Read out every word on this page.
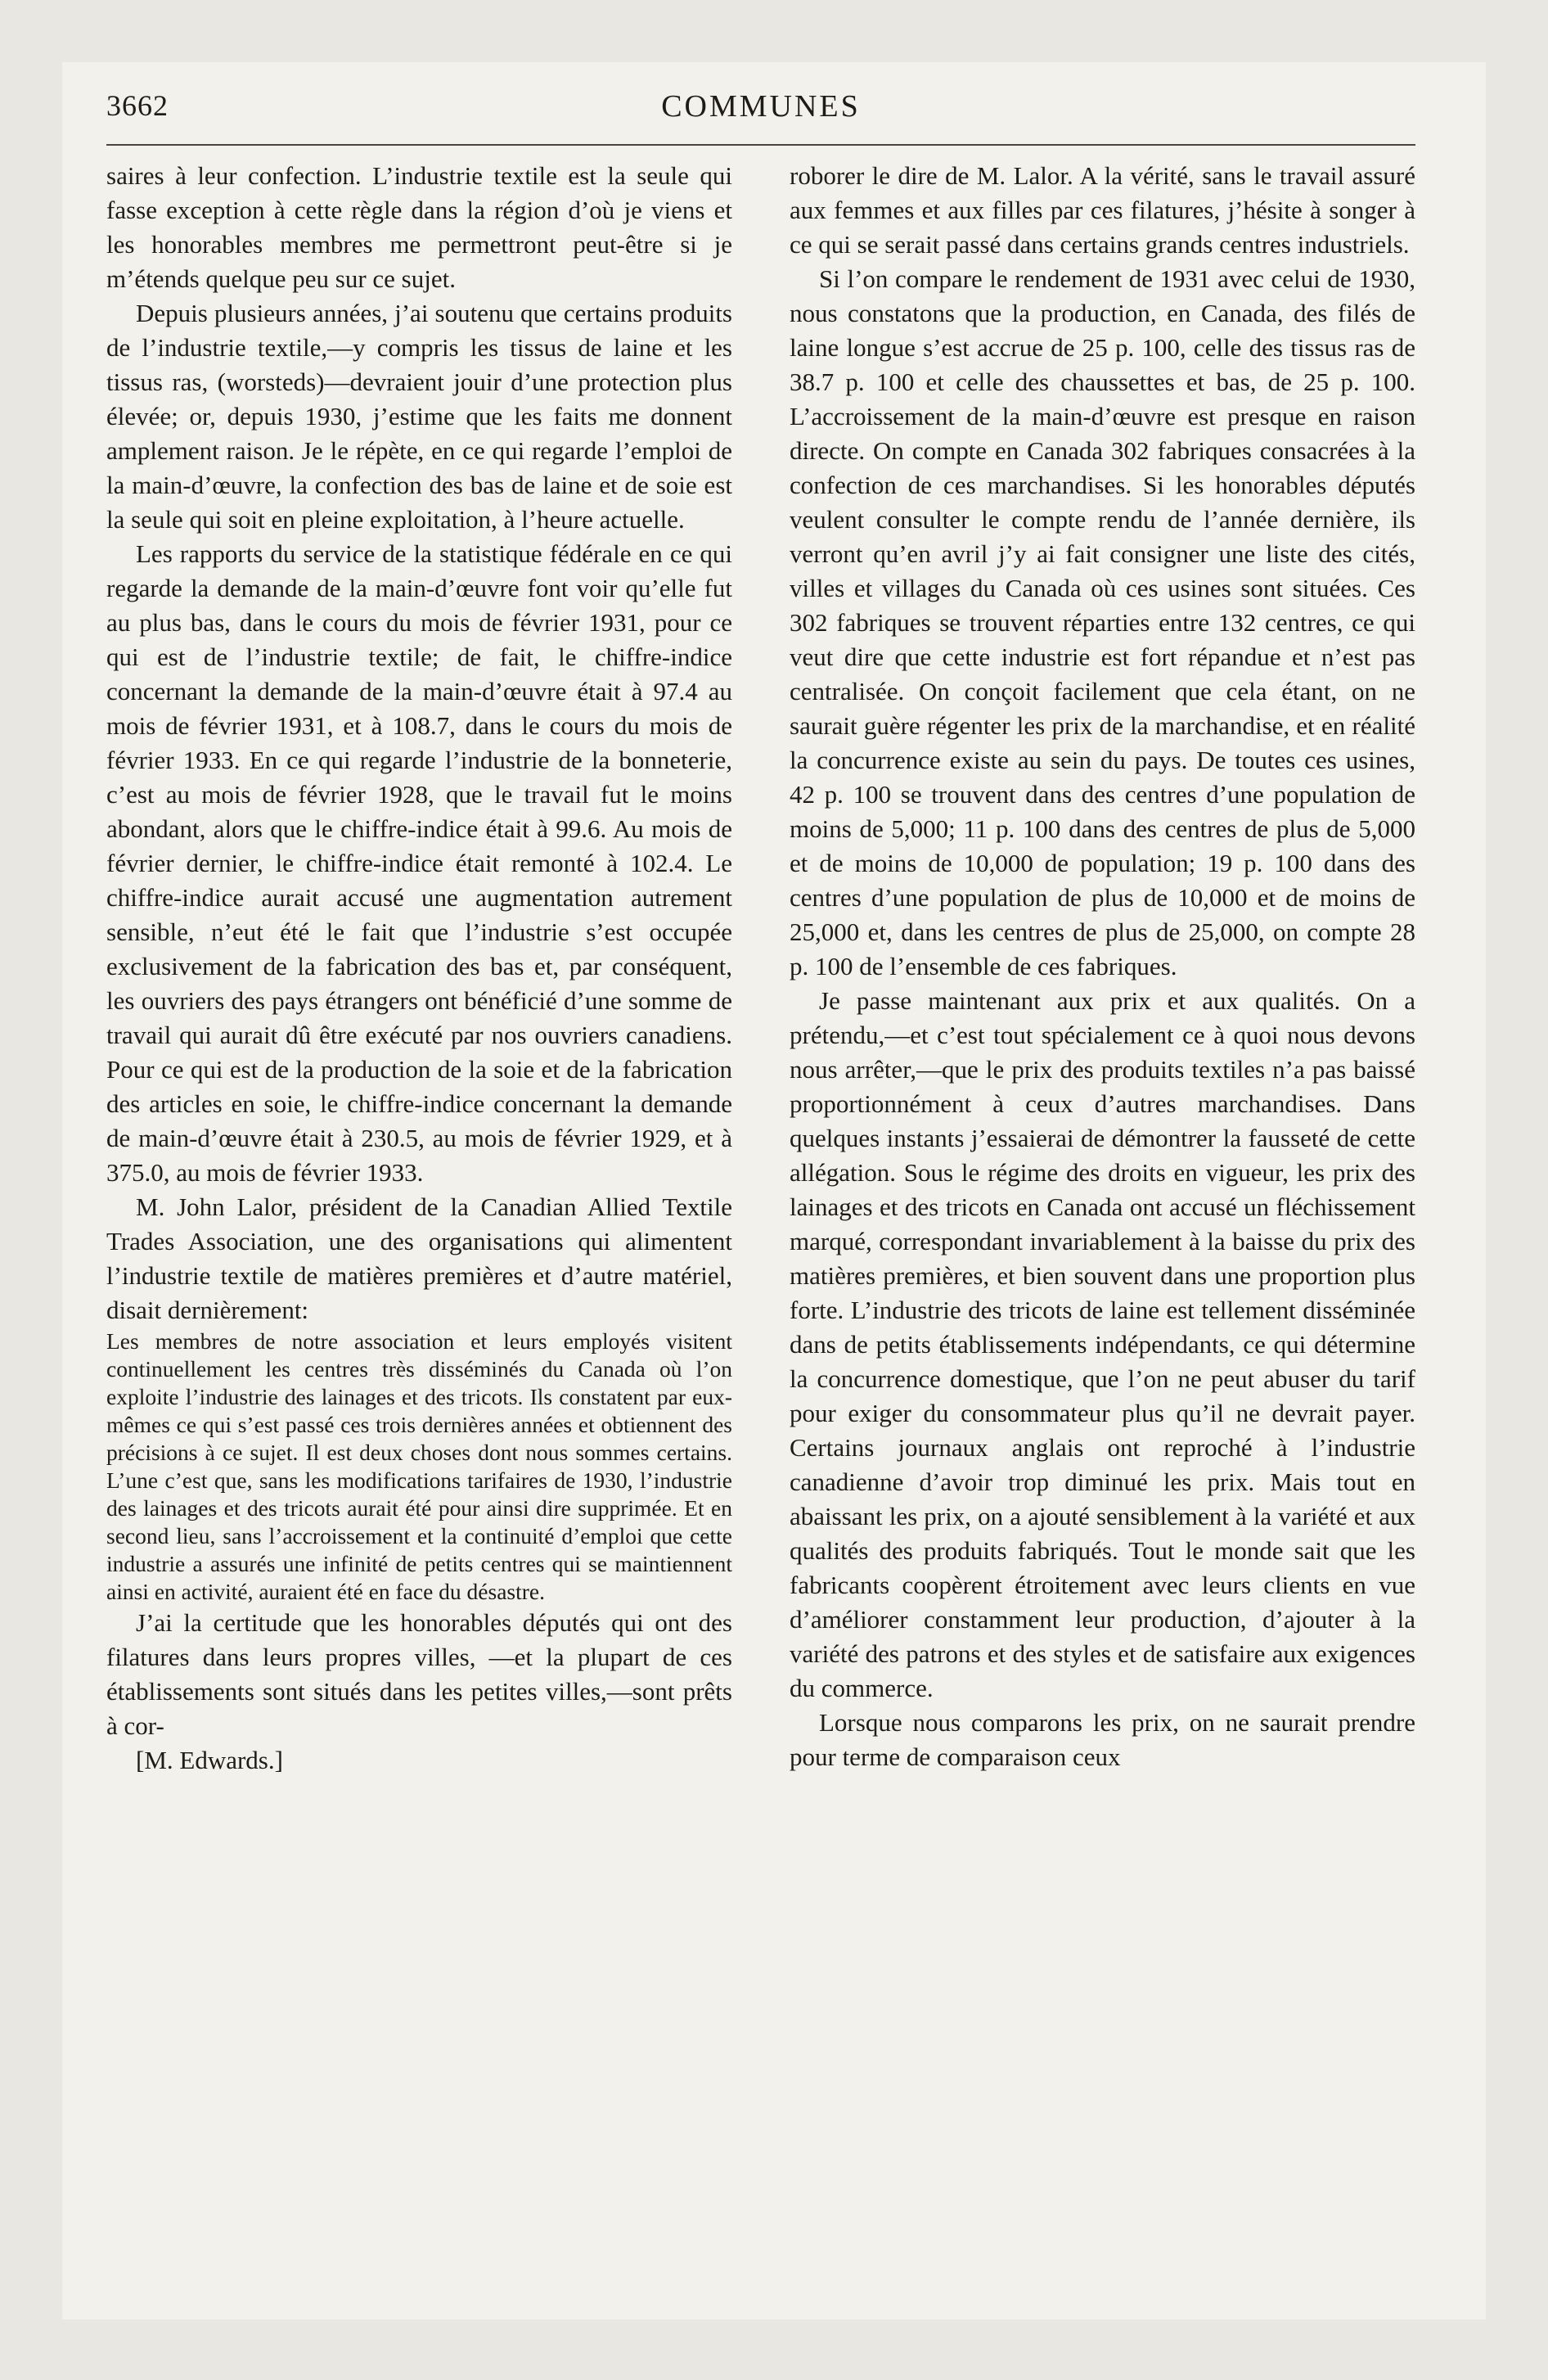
3662	COMMUNES

saires à leur confection. L’industrie textile est la seule qui fasse exception à cette règle dans la région d’où je viens et les honorables membres me permettront peut-être si je m’étends quelque peu sur ce sujet.

Depuis plusieurs années, j’ai soutenu que certains produits de l’industrie textile,—y compris les tissus de laine et les tissus ras, (worsteds)—devraient jouir d’une protection plus élevée; or, depuis 1930, j’estime que les faits me donnent amplement raison. Je le répète, en ce qui regarde l’emploi de la main-d’œuvre, la confection des bas de laine et de soie est la seule qui soit en pleine exploitation, à l’heure actuelle.

Les rapports du service de la statistique fédérale en ce qui regarde la demande de la main-d’œuvre font voir qu’elle fut au plus bas, dans le cours du mois de février 1931, pour ce qui est de l’industrie textile; de fait, le chiffre-indice concernant la demande de la main-d’œuvre était à 97.4 au mois de février 1931, et à 108.7, dans le cours du mois de février 1933. En ce qui regarde l’industrie de la bonneterie, c’est au mois de février 1928, que le travail fut le moins abondant, alors que le chiffre-indice était à 99.6. Au mois de février dernier, le chiffre-indice était remonté à 102.4. Le chiffre-indice aurait accusé une augmentation autrement sensible, n’eut été le fait que l’industrie s’est occupée exclusivement de la fabrication des bas et, par conséquent, les ouvriers des pays étrangers ont bénéficié d’une somme de travail qui aurait dû être exécuté par nos ouvriers canadiens. Pour ce qui est de la production de la soie et de la fabrication des articles en soie, le chiffre-indice concernant la demande de main-d’œuvre était à 230.5, au mois de février 1929, et à 375.0, au mois de février 1933.

M. John Lalor, président de la Canadian Allied Textile Trades Association, une des organisations qui alimentent l’industrie textile de matières premières et d’autre matériel, disait dernièrement:

Les membres de notre association et leurs employés visitent continuellement les centres très disséminés du Canada où l’on exploite l’industrie des lainages et des tricots. Ils constatent par eux-mêmes ce qui s’est passé ces trois dernières années et obtiennent des précisions à ce sujet. Il est deux choses dont nous sommes certains. L’une c’est que, sans les modifications tarifaires de 1930, l’industrie des lainages et des tricots aurait été pour ainsi dire supprimée. Et en second lieu, sans l’accroissement et la continuité d’emploi que cette industrie a assurés une infinité de petits centres qui se maintiennent ainsi en activité, auraient été en face du désastre.

J’ai la certitude que les honorables députés qui ont des filatures dans leurs propres villes, —et la plupart de ces établissements sont situés dans les petites villes,—sont prêts à cor-

[M. Edwards.]

roborer le dire de M. Lalor. A la vérité, sans le travail assuré aux femmes et aux filles par ces filatures, j’hésite à songer à ce qui se serait passé dans certains grands centres industriels.

Si l’on compare le rendement de 1931 avec celui de 1930, nous constatons que la production, en Canada, des filés de laine longue s’est accrue de 25 p. 100, celle des tissus ras de 38.7 p. 100 et celle des chaussettes et bas, de 25 p. 100. L’accroissement de la main-d’œuvre est presque en raison directe. On compte en Canada 302 fabriques consacrées à la confection de ces marchandises. Si les honorables députés veulent consulter le compte rendu de l’année dernière, ils verront qu’en avril j’y ai fait consigner une liste des cités, villes et villages du Canada où ces usines sont situées. Ces 302 fabriques se trouvent réparties entre 132 centres, ce qui veut dire que cette industrie est fort répandue et n’est pas centralisée. On conçoit facilement que cela étant, on ne saurait guère régenter les prix de la marchandise, et en réalité la concurrence existe au sein du pays. De toutes ces usines, 42 p. 100 se trouvent dans des centres d’une population de moins de 5,000; 11 p. 100 dans des centres de plus de 5,000 et de moins de 10,000 de population; 19 p. 100 dans des centres d’une population de plus de 10,000 et de moins de 25,000 et, dans les centres de plus de 25,000, on compte 28 p. 100 de l’ensemble de ces fabriques.

Je passe maintenant aux prix et aux qualités. On a prétendu,—et c’est tout spécialement ce à quoi nous devons nous arrêter,—que le prix des produits textiles n’a pas baissé proportionnément à ceux d’autres marchandises. Dans quelques instants j’essaierai de démontrer la fausseté de cette allégation. Sous le régime des droits en vigueur, les prix des lainages et des tricots en Canada ont accusé un fléchissement marqué, correspondant invariablement à la baisse du prix des matières premières, et bien souvent dans une proportion plus forte. L’industrie des tricots de laine est tellement disséminée dans de petits établissements indépendants, ce qui détermine la concurrence domestique, que l’on ne peut abuser du tarif pour exiger du consommateur plus qu’il ne devrait payer. Certains journaux anglais ont reproché à l’industrie canadienne d’avoir trop diminué les prix. Mais tout en abaissant les prix, on a ajouté sensiblement à la variété et aux qualités des produits fabriqués. Tout le monde sait que les fabricants coopèrent étroitement avec leurs clients en vue d’améliorer constamment leur production, d’ajouter à la variété des patrons et des styles et de satisfaire aux exigences du commerce.

Lorsque nous comparons les prix, on ne saurait prendre pour terme de comparaison ceux
